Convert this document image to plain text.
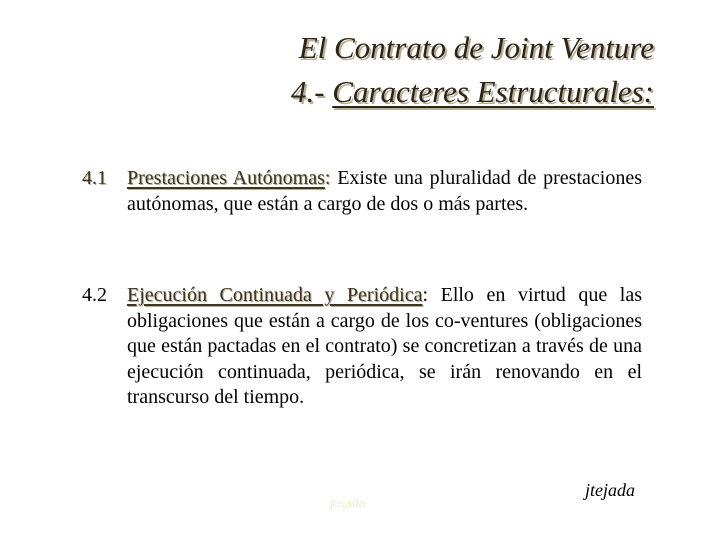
El Contrato de Joint Venture
4.- Caracteres Estructurales:
4.1 Prestaciones Autónomas: Existe una pluralidad de prestaciones autónomas, que están a cargo de dos o más partes.
4.2 Ejecución Continuada y Periódica: Ello en virtud que las obligaciones que están a cargo de los co-ventures (obligaciones que están pactadas en el contrato) se concretizan a través de una ejecución continuada, periódica, se irán renovando en el transcurso del tiempo.
jtejada
jtejada
